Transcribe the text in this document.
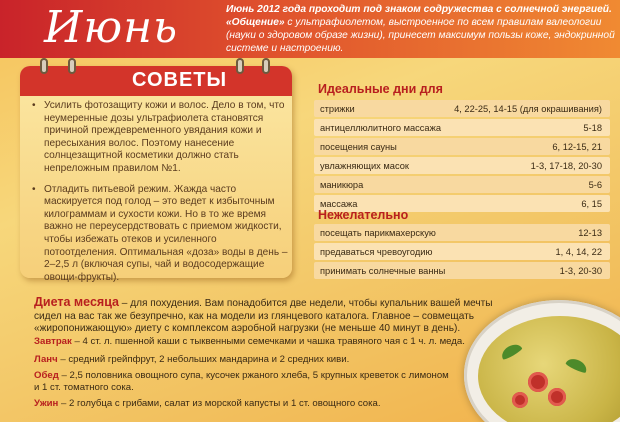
Июнь	Июнь 2012 года проходит под знаком содружества с солнечной энергией. «Общение» с ультрафиолетом, выстроенное по всем правилам валеологии (науки о здоровом образе жизни), принесет максимум пользы коже, эндокринной системе и настроению.
СОВЕТЫ
• Усилить фотозащиту кожи и волос. Дело в том, что неумеренные дозы ультрафиолета становятся причиной преждевременного увядания кожи и пересыхания волос. Поэтому нанесение солнцезащитной косметики должно стать непреложным правилом №1.
• Отладить питьевой режим. Жажда часто маскируется под голод – это ведет к избыточным килограммам и сухости кожи. Но в то же время важно не переусердствовать с приемом жидкости, чтобы избежать отеков и усиленного потоотделения. Оптимальная «доза» воды в день – 2–2,5 л (включая супы, чай и водосодержащие овощи-фрукты).
Идеальные дни для
стрижки	4, 22-25, 14-15 (для окрашивания)
антицеллюлитного массажа	5-18
посещения сауны	6, 12-15, 21
увлажняющих масок	1-3, 17-18, 20-30
маникюра	5-6
массажа	6, 15
Нежелательно
посещать парикмахерскую	12-13
предаваться чревоугодию	1, 4, 14, 22
принимать солнечные ванны	1-3, 20-30
Диета месяца – для похудения. Вам понадобится две недели, чтобы купальник вашей мечты сидел на вас так же безупречно, как на модели из глянцевого каталога. Главное – совмещать «жиропонижающую» диету с комплексом аэробной нагрузки (не меньше 40 минут в день).
Завтрак – 4 ст. л. пшенной каши с тыквенными семечками и чашка травяного чая с 1 ч. л. меда.
Ланч – средний грейпфрут, 2 небольших мандарина и 2 средних киви.
Обед – 2,5 половника овощного супа, кусочек ржаного хлеба, 5 крупных креветок с лимоном
и 1 ст. томатного сока.
Ужин – 2 голубца с грибами, салат из морской капусты и 1 ст. овощного сока.
